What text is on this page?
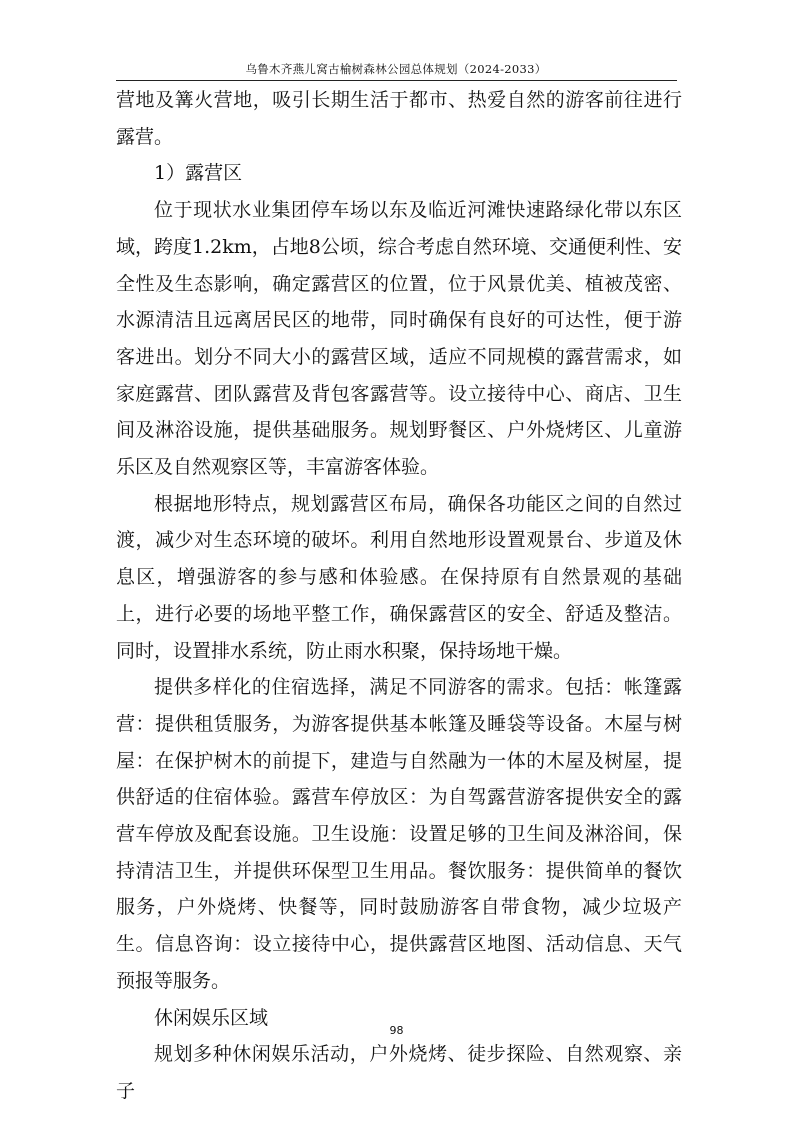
乌鲁木齐燕儿窝古榆树森林公园总体规划（2024-2033）

营地及篝火营地，吸引长期生活于都市、热爱自然的游客前往进行露营。

1）露营区

位于现状水业集团停车场以东及临近河滩快速路绿化带以东区域，跨度1.2km，占地8公顷，综合考虑自然环境、交通便利性、安全性及生态影响，确定露营区的位置，位于风景优美、植被茂密、水源清洁且远离居民区的地带，同时确保有良好的可达性，便于游客进出。划分不同大小的露营区域，适应不同规模的露营需求，如家庭露营、团队露营及背包客露营等。设立接待中心、商店、卫生间及淋浴设施，提供基础服务。规划野餐区、户外烧烤区、儿童游乐区及自然观察区等，丰富游客体验。

根据地形特点，规划露营区布局，确保各功能区之间的自然过渡，减少对生态环境的破坏。利用自然地形设置观景台、步道及休息区，增强游客的参与感和体验感。在保持原有自然景观的基础上，进行必要的场地平整工作，确保露营区的安全、舒适及整洁。同时，设置排水系统，防止雨水积聚，保持场地干燥。

提供多样化的住宿选择，满足不同游客的需求。包括：帐篷露营：提供租赁服务，为游客提供基本帐篷及睡袋等设备。木屋与树屋：在保护树木的前提下，建造与自然融为一体的木屋及树屋，提供舒适的住宿体验。露营车停放区：为自驾露营游客提供安全的露营车停放及配套设施。卫生设施：设置足够的卫生间及淋浴间，保持清洁卫生，并提供环保型卫生用品。餐饮服务：提供简单的餐饮服务，户外烧烤、快餐等，同时鼓励游客自带食物，减少垃圾产生。信息咨询：设立接待中心，提供露营区地图、活动信息、天气预报等服务。

休闲娱乐区域

规划多种休闲娱乐活动，户外烧烤、徒步探险、自然观察、亲子

98
